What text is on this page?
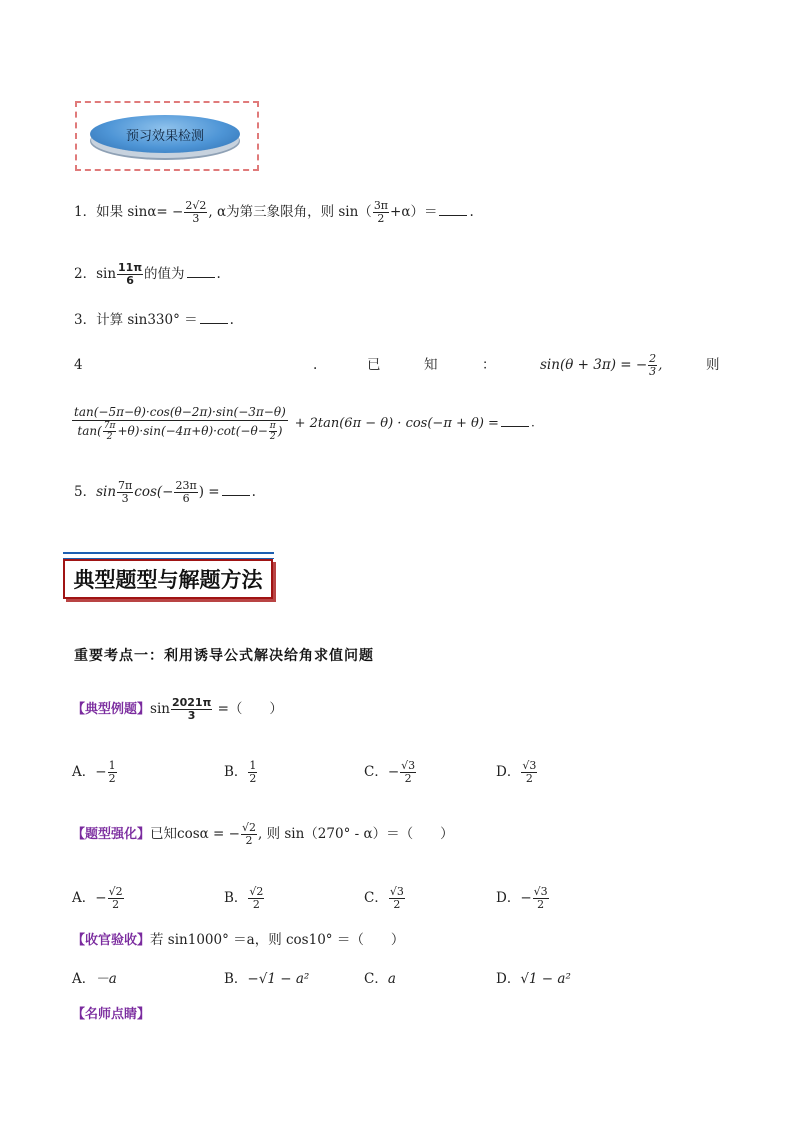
预习效果检测
1．如果 $\sin\alpha= - \frac{2√2}{3}$ , α为第三象限角，则 $\sin( \frac{3\pi}{2} +\alpha)=$ .
2．$\sin \frac{11\pi}{6}$ 的值为 .
3．计算 sin330° ＝ .
4	.	已	知	：	sin(θ + 3π) = − $\frac{2}{3}$ ,	则
$\frac{\tan(-5\pi-\theta)\cdot\cos(\theta-2\pi)\cdot\sin(-3\pi-\theta)}{\tan( \frac{7\pi}{2} +\theta)\cdot\sin(-4\pi+\theta)\cdot\cot(-\theta- \frac{\pi}{2} )} + 2\tan(6\pi - \theta) \cdot \cos(-\pi + \theta)$ =	.
5．$\sin \frac{7\pi}{3} \cos(- \frac{23\pi}{6}$ ) = .
典型题型与解题方法
重要考点一：利用诱导公式解决给角求值问题
【典型例题】$\sin \frac{2021\pi}{3}$ =（　　）
A．− $\frac{1}{2}$	B． $\frac{1}{2}$	C．− $\frac{√3}{2}$	D． $\frac{√3}{2}$
【题型强化】已知cosα = − $\frac{√2}{2}$ , 则 sin（270° - α）＝（　　）
A．− $\frac{√2}{2}$	B． $\frac{√2}{2}$	C． $\frac{√3}{2}$	D．− $\frac{√3}{2}$
【收官验收】若 sin1000° ＝a，则 cos10° ＝（　　）
A．－a	B．−√1 − a²	C．a	D．√1 − a²
【名师点睛】
